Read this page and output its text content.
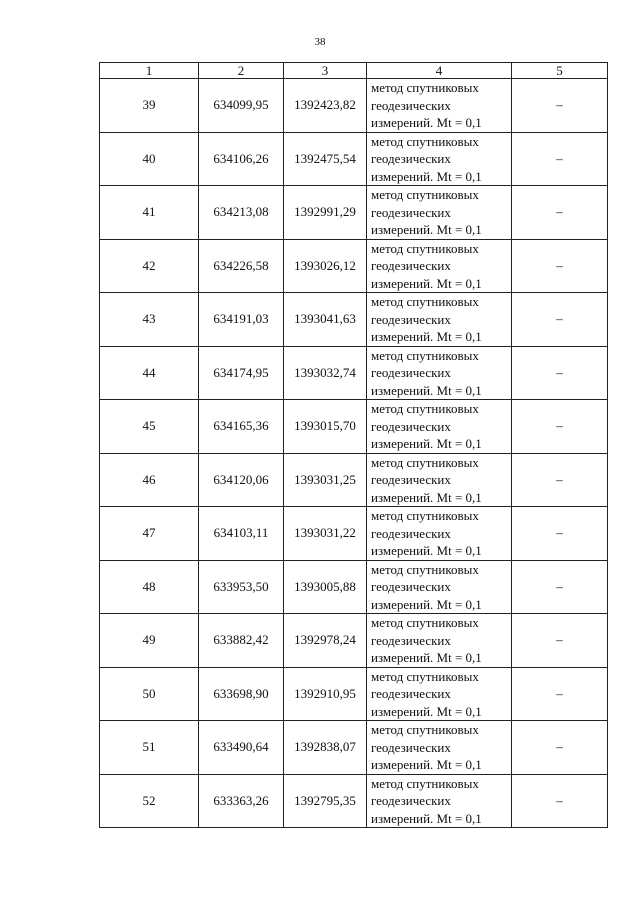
38
1	2	3	4	5
39	634099,95	1392423,82	метод спутниковых
геодезических
измерений. Mt = 0,1	–
40	634106,26	1392475,54	метод спутниковых
геодезических
измерений. Mt = 0,1	–
41	634213,08	1392991,29	метод спутниковых
геодезических
измерений. Mt = 0,1	–
42	634226,58	1393026,12	метод спутниковых
геодезических
измерений. Mt = 0,1	–
43	634191,03	1393041,63	метод спутниковых
геодезических
измерений. Mt = 0,1	–
44	634174,95	1393032,74	метод спутниковых
геодезических
измерений. Mt = 0,1	–
45	634165,36	1393015,70	метод спутниковых
геодезических
измерений. Mt = 0,1	–
46	634120,06	1393031,25	метод спутниковых
геодезических
измерений. Mt = 0,1	–
47	634103,11	1393031,22	метод спутниковых
геодезических
измерений. Mt = 0,1	–
48	633953,50	1393005,88	метод спутниковых
геодезических
измерений. Mt = 0,1	–
49	633882,42	1392978,24	метод спутниковых
геодезических
измерений. Mt = 0,1	–
50	633698,90	1392910,95	метод спутниковых
геодезических
измерений. Mt = 0,1	–
51	633490,64	1392838,07	метод спутниковых
геодезических
измерений. Mt = 0,1	–
52	633363,26	1392795,35	метод спутниковых
геодезических
измерений. Mt = 0,1	–
